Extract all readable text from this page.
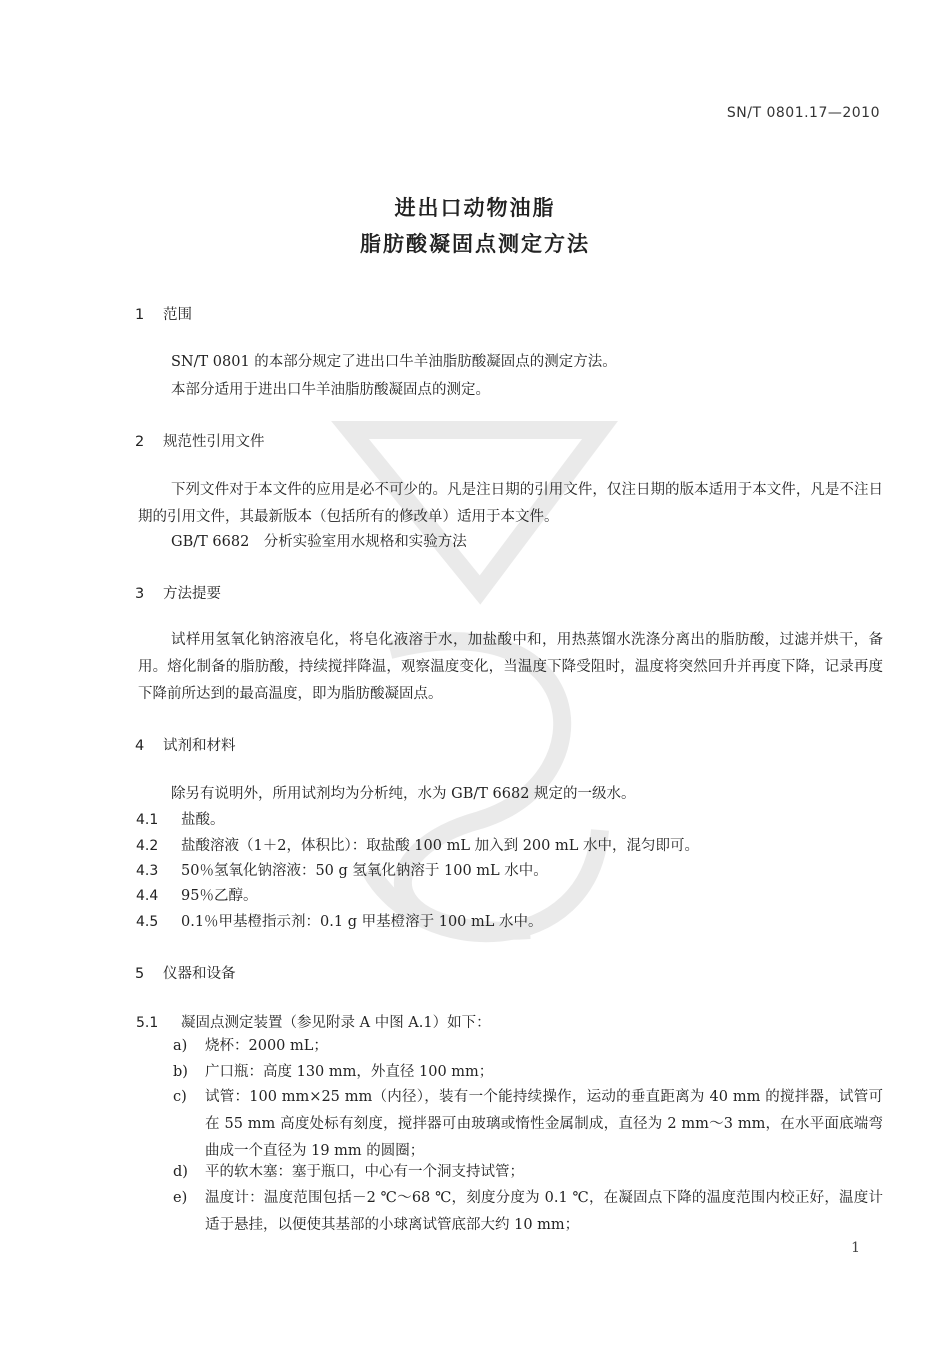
SN/T 0801.17—2010
进出口动物油脂
脂肪酸凝固点测定方法
1 范围
SN/T 0801 的本部分规定了进出口牛羊油脂肪酸凝固点的测定方法。
本部分适用于进出口牛羊油脂肪酸凝固点的测定。
2 规范性引用文件

下列文件对于本文件的应用是必不可少的。凡是注日期的引用文件，仅注日期的版本适用于本文件，凡是不注日期的引用文件，其最新版本（包括所有的修改单）适用于本文件。

GB/T 6682　分析实验室用水规格和实验方法
3 方法提要

试样用氢氧化钠溶液皂化，将皂化液溶于水，加盐酸中和，用热蒸馏水洗涤分离出的脂肪酸，过滤并烘干，备用。熔化制备的脂肪酸，持续搅拌降温，观察温度变化，当温度下降受阻时，温度将突然回升并再度下降，记录再度下降前所达到的最高温度，即为脂肪酸凝固点。

4 试剂和材料
除另有说明外，所用试剂均为分析纯，水为 GB/T 6682 规定的一级水。
4.1 盐酸。
4.2 盐酸溶液（1＋2，体积比）：取盐酸 100 mL 加入到 200 mL 水中，混匀即可。
4.3 50％氢氧化钠溶液：50 g 氢氧化钠溶于 100 mL 水中。
4.4 95％乙醇。
4.5 0.1％甲基橙指示剂：0.1 g 甲基橙溶于 100 mL 水中。
5 仪器和设备
5.1 凝固点测定装置（参见附录 A 中图 A.1）如下：
a) 烧杯：2000 mL；

b) 广口瓶：高度 130 mm，外直径 100 mm；

c) 试管：100 mm×25 mm（内径），装有一个能持续操作，运动的垂直距离为 40 mm 的搅拌器，试管可在 55 mm 高度处标有刻度，搅拌器可由玻璃或惰性金属制成，直径为 2 mm～3 mm，在水平面底端弯曲成一个直径为 19 mm 的圆圈；

d) 平的软木塞：塞于瓶口，中心有一个洞支持试管；

e) 温度计：温度范围包括－2 ℃～68 ℃，刻度分度为 0.1 ℃，在凝固点下降的温度范围内校正好，温度计适于悬挂，以便使其基部的小球离试管底部大约 10 mm；

1
